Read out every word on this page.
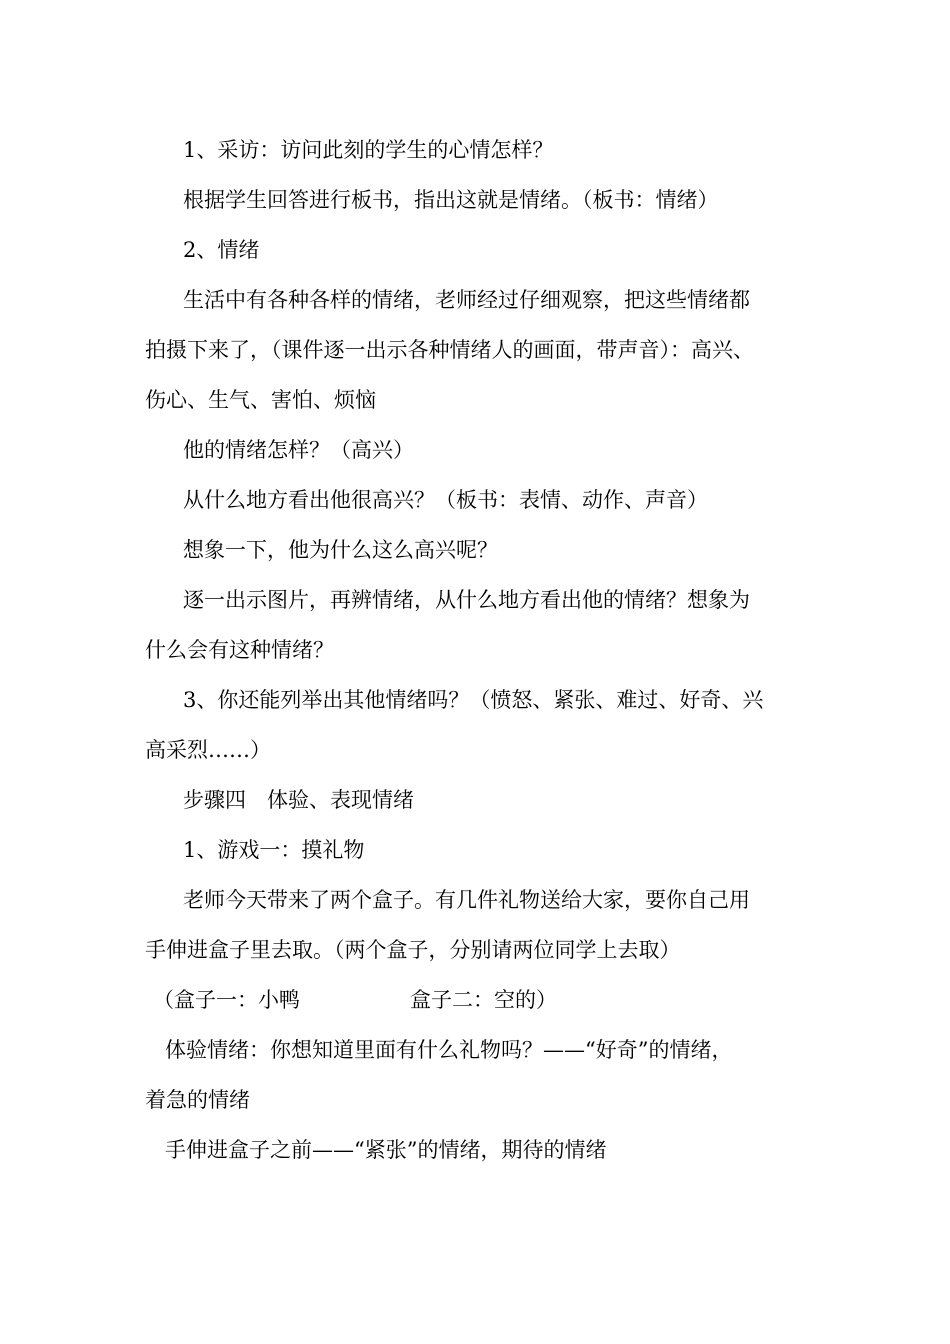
1、采访：访问此刻的学生的心情怎样？
根据学生回答进行板书，指出这就是情绪。（板书：情绪）
2、情绪
生活中有各种各样的情绪，老师经过仔细观察，把这些情绪都
拍摄下来了，（课件逐一出示各种情绪人的画面，带声音）：高兴、
伤心、生气、害怕、烦恼
他的情绪怎样？（高兴）
从什么地方看出他很高兴？（板书：表情、动作、声音）
想象一下，他为什么这么高兴呢？
逐一出示图片，再辨情绪，从什么地方看出他的情绪？想象为
什么会有这种情绪？
3、你还能列举出其他情绪吗？（愤怒、紧张、难过、好奇、兴
高采烈……）
步骤四　体验、表现情绪
1、游戏一：摸礼物
老师今天带来了两个盒子。有几件礼物送给大家，要你自己用
手伸进盒子里去取。（两个盒子，分别请两位同学上去取）
（盒子一：小鸭	盒子二：空的）
体验情绪：你想知道里面有什么礼物吗？——“好奇”的情绪，
着急的情绪
手伸进盒子之前——“紧张”的情绪，期待的情绪
